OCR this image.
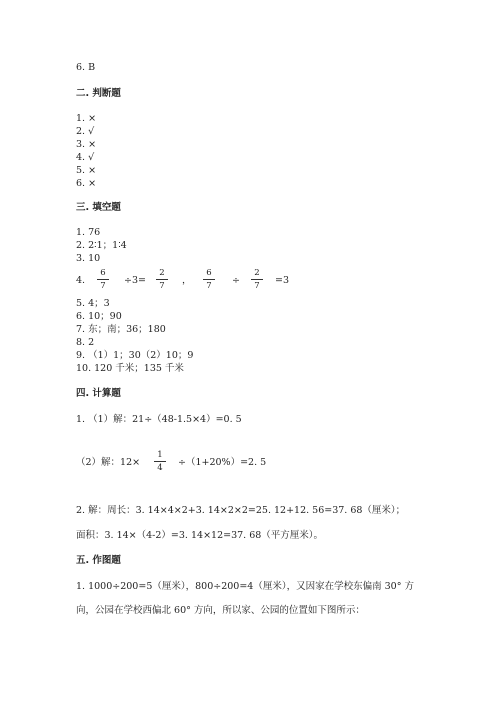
6. B
二. 判断题
1. ×
2. √
3. ×
4. √
5. ×
6. ×
三. 填空题
1. 76
2. 2∶1；1∶4
3. 10
4.
6
7	÷3=
2
7	，
6
7	÷
2
7	=3
5. 4；3
6. 10；90
7. 东；南；36；180
8. 2
9. （1）1；30（2）10；9
10. 120 千米；135 千米
四. 计算题
1. （1）解：21÷（48-1.5×4）=0. 5
（2）解：12×
1
4	÷（1+20%）=2. 5
2. 解：周长：3. 14×4×2+3. 14×2×2=25. 12+12. 56=37. 68（厘米）；
面积：3. 14×（4-2）=3. 14×12=37. 68（平方厘米）。
五. 作图题
1. 1000÷200=5（厘米），800÷200=4（厘米），又因家在学校东偏南 30° 方
向，公园在学校西偏北 60° 方向，所以家、公园的位置如下图所示：
